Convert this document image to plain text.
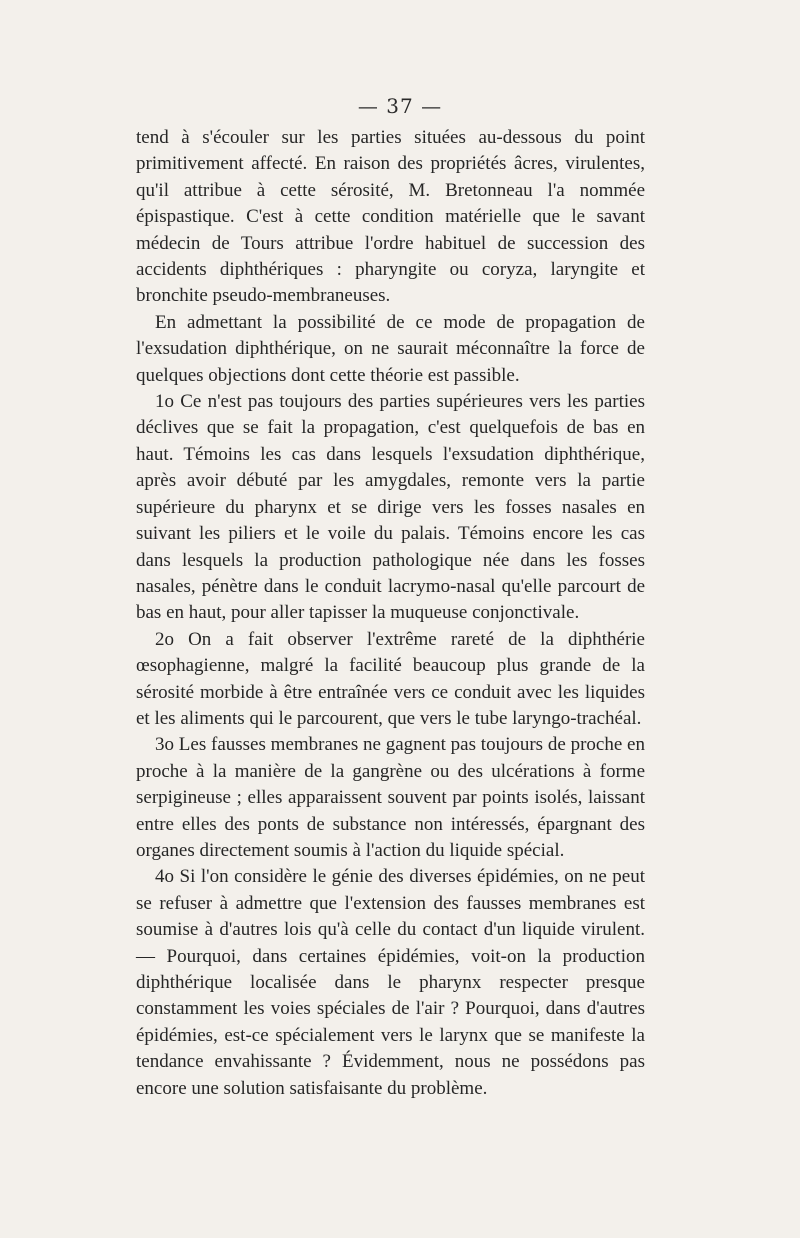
— 37 —

tend à s'écouler sur les parties situées au-dessous du point primitivement affecté. En raison des propriétés âcres, virulentes, qu'il attribue à cette sérosité, M. Bretonneau l'a nommée épispastique. C'est à cette condition matérielle que le savant médecin de Tours attribue l'ordre habituel de succession des accidents diphthériques : pharyngite ou coryza, laryngite et bronchite pseudo-membraneuses.

En admettant la possibilité de ce mode de propagation de l'exsudation diphthérique, on ne saurait méconnaître la force de quelques objections dont cette théorie est passible.

1o Ce n'est pas toujours des parties supérieures vers les parties déclives que se fait la propagation, c'est quelquefois de bas en haut. Témoins les cas dans lesquels l'exsudation diphthérique, après avoir débuté par les amygdales, remonte vers la partie supérieure du pharynx et se dirige vers les fosses nasales en suivant les piliers et le voile du palais. Témoins encore les cas dans lesquels la production pathologique née dans les fosses nasales, pénètre dans le conduit lacrymo-nasal qu'elle parcourt de bas en haut, pour aller tapisser la muqueuse conjonctivale.

2o On a fait observer l'extrême rareté de la diphthérie œsophagienne, malgré la facilité beaucoup plus grande de la sérosité morbide à être entraînée vers ce conduit avec les liquides et les aliments qui le parcourent, que vers le tube laryngo-trachéal.

3o Les fausses membranes ne gagnent pas toujours de proche en proche à la manière de la gangrène ou des ulcérations à forme serpigineuse ; elles apparaissent souvent par points isolés, laissant entre elles des ponts de substance non intéressés, épargnant des organes directement soumis à l'action du liquide spécial.

4o Si l'on considère le génie des diverses épidémies, on ne peut se refuser à admettre que l'extension des fausses membranes est soumise à d'autres lois qu'à celle du contact d'un liquide virulent. — Pourquoi, dans certaines épidémies, voit-on la production diphthérique localisée dans le pharynx respecter presque constamment les voies spéciales de l'air ? Pourquoi, dans d'autres épidémies, est-ce spécialement vers le larynx que se manifeste la tendance envahissante ? Évidemment, nous ne possédons pas encore une solution satisfaisante du problème.
